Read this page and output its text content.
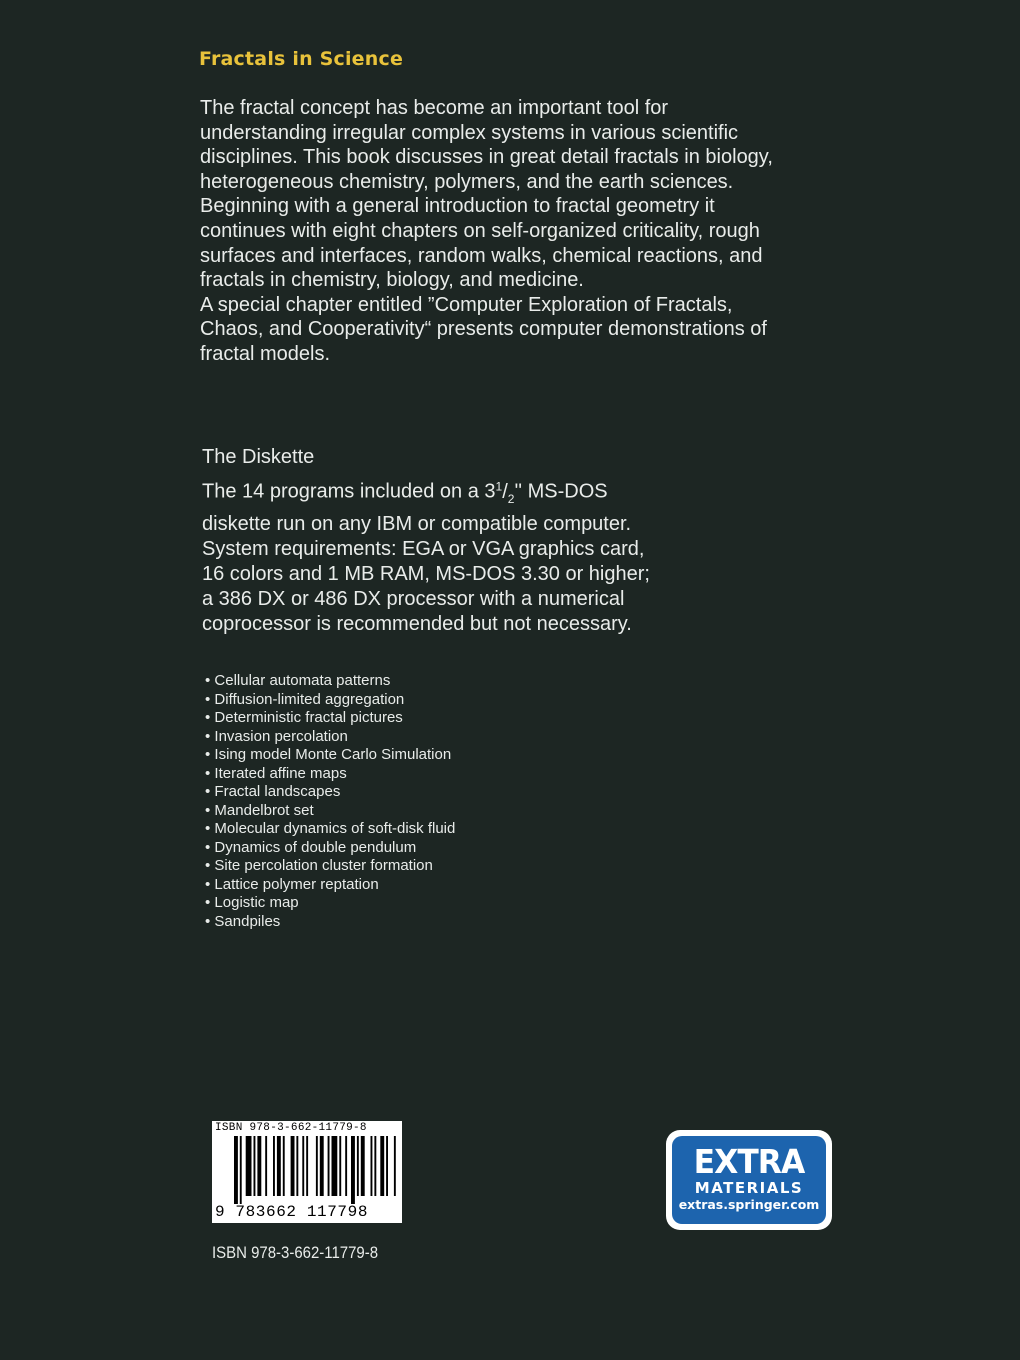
Fractals in Science

The fractal concept has become an important tool for understanding irregular complex systems in various scientific disciplines. This book discusses in great detail fractals in biology, heterogeneous chemistry, polymers, and the earth sciences.

Beginning with a general introduction to fractal geometry it continues with eight chapters on self-organized criticality, rough surfaces and interfaces, random walks, chemical reactions, and fractals in chemistry, biology, and medicine.

A special chapter entitled ”Computer Exploration of Fractals, Chaos, and Cooperativity“ presents computer demonstrations of fractal models.

The Diskette

The 14 programs included on a $3^1/_2''$ MS-DOS diskette run on any IBM or compatible computer. System requirements: EGA or VGA graphics card, 16 colors and 1 MB RAM, MS-DOS 3.30 or higher; a 386 DX or 486 DX processor with a numerical coprocessor is recommended but not necessary.

• Cellular automata patterns
• Diffusion-limited aggregation
• Deterministic fractal pictures
• Invasion percolation
• Ising model Monte Carlo Simulation
• Iterated affine maps
• Fractal landscapes
• Mandelbrot set
• Molecular dynamics of soft-disk fluid
• Dynamics of double pendulum
• Site percolation cluster formation
• Lattice polymer reptation
• Logistic map
• Sandpiles
ISBN 978-3-662-11779-8
9 783662 117798
ISBN 978-3-662-11779-8
EXTRA
MATERIALS
extras.springer.com
